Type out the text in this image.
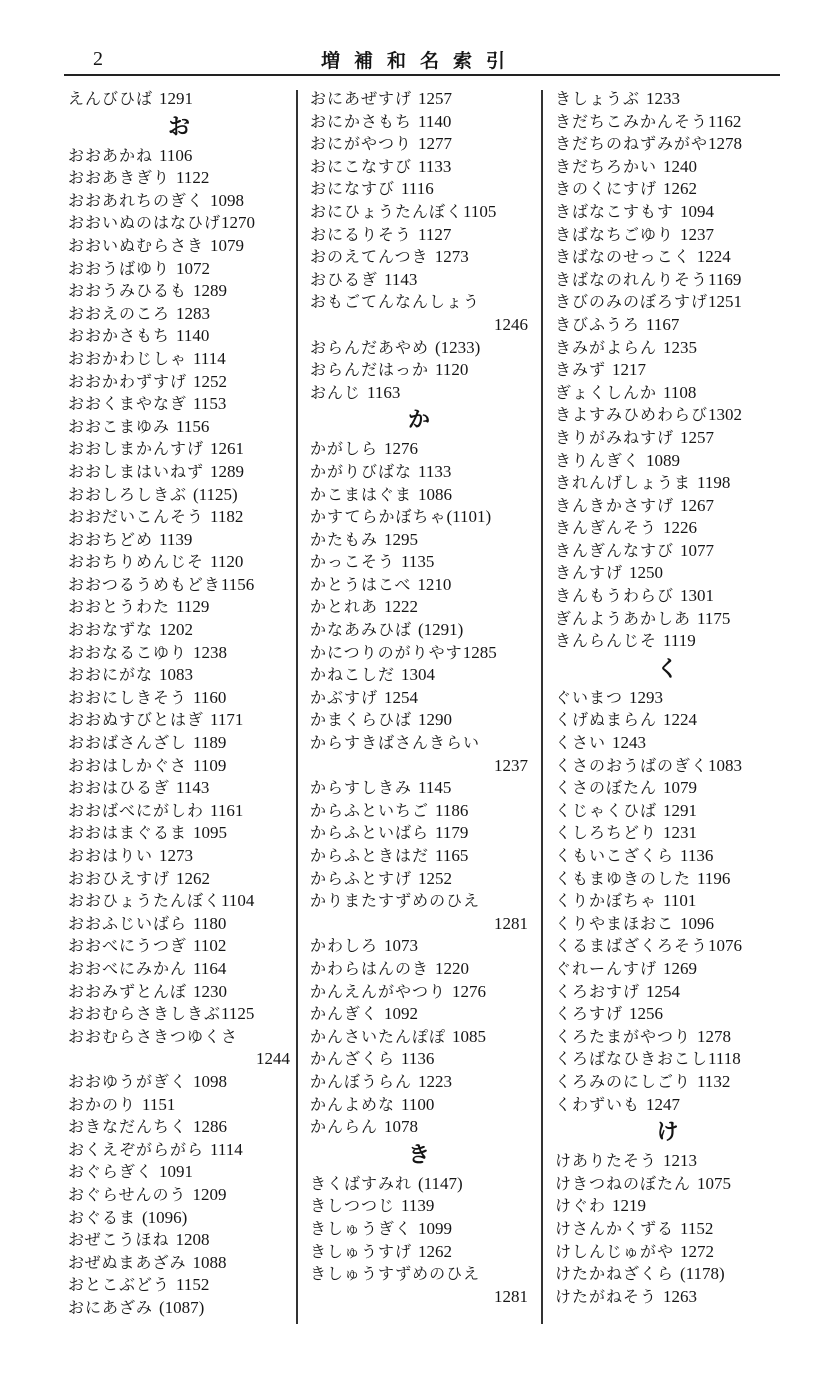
2	増補和名索引
えんびひば 1291
お
おおあかね 1106
おおあきぎり 1122
おおあれちのぎく 1098
おおいぬのはなひげ1270
おおいぬむらさき 1079
おおうばゆり 1072
おおうみひるも 1289
おおえのころ 1283
おおかさもち 1140
おおかわじしゃ 1114
おおかわずすげ 1252
おおくまやなぎ 1153
おおこまゆみ 1156
おおしまかんすげ 1261
おおしまはいねず 1289
おおしろしきぶ (1125)
おおだいこんそう 1182
おおちどめ 1139
おおちりめんじそ 1120
おおつるうめもどき1156
おおとうわた 1129
おおなずな 1202
おおなるこゆり 1238
おおにがな 1083
おおにしきそう 1160
おおぬすびとはぎ 1171
おおばさんざし 1189
おおはしかぐさ 1109
おおはひるぎ 1143
おおばべにがしわ 1161
おおはまぐるま 1095
おおはりい 1273
おおひえすげ 1262
おおひょうたんぼく1104
おおふじいばら 1180
おおべにうつぎ 1102
おおべにみかん 1164
おおみずとんぼ 1230
おおむらさきしきぶ1125
おおむらさきつゆくさ
1244
おおゆうがぎく 1098
おかのり 1151
おきなだんちく 1286
おくえぞがらがら 1114
おぐらぎく 1091
おぐらせんのう 1209
おぐるま (1096)
おぜこうほね 1208
おぜぬまあざみ 1088
おとこぶどう 1152
おにあざみ (1087)
おにあぜすげ 1257
おにかさもち 1140
おにがやつり 1277
おにこなすび 1133
おになすび 1116
おにひょうたんぼく1105
おにるりそう 1127
おのえてんつき 1273
おひるぎ 1143
おもごてんなんしょう
1246
おらんだあやめ (1233)
おらんだはっか 1120
おんじ 1163
か
かがしら 1276
かがりびばな 1133
かこまはぐま 1086
かすてらかぼちゃ(1101)
かたもみ 1295
かっこそう 1135
かとうはこべ 1210
かとれあ 1222
かなあみひば (1291)
かにつりのがりやす1285
かねこしだ 1304
かぶすげ 1254
かまくらひば 1290
からすきばさんきらい
1237
からすしきみ 1145
からふといちご 1186
からふといばら 1179
からふときはだ 1165
からふとすげ 1252
かりまたすずめのひえ
1281
かわしろ 1073
かわらはんのき 1220
かんえんがやつり 1276
かんぎく 1092
かんさいたんぽぽ 1085
かんざくら 1136
かんぼうらん 1223
かんよめな 1100
かんらん 1078
き
きくばすみれ (1147)
きしつつじ 1139
きしゅうぎく 1099
きしゅうすげ 1262
きしゅうすずめのひえ
1281
きしょうぶ 1233
きだちこみかんそう1162
きだちのねずみがや1278
きだちろかい 1240
きのくにすげ 1262
きばなこすもす 1094
きばなちごゆり 1237
きばなのせっこく 1224
きばなのれんりそう1169
きびのみのぼろすげ1251
きびふうろ 1167
きみがよらん 1235
きみず 1217
ぎょくしんか 1108
きよすみひめわらび1302
きりがみねすげ 1257
きりんぎく 1089
きれんげしょうま 1198
きんきかさすげ 1267
きんぎんそう 1226
きんぎんなすび 1077
きんすげ 1250
きんもうわらび 1301
ぎんようあかしあ 1175
きんらんじそ 1119
く
ぐいまつ 1293
くげぬまらん 1224
くさい 1243
くさのおうばのぎく1083
くさのぼたん 1079
くじゃくひば 1291
くしろちどり 1231
くもいこざくら 1136
くもまゆきのした 1196
くりかぼちゃ 1101
くりやまほおこ 1096
くるまばざくろそう1076
ぐれーんすげ 1269
くろおすげ 1254
くろすげ 1256
くろたまがやつり 1278
くろばなひきおこし1118
くろみのにしごり 1132
くわずいも 1247
け
けありたそう 1213
けきつねのぼたん 1075
けぐわ 1219
けさんかくずる 1152
けしんじゅがや 1272
けたかねざくら (1178)
けたがねそう 1263
